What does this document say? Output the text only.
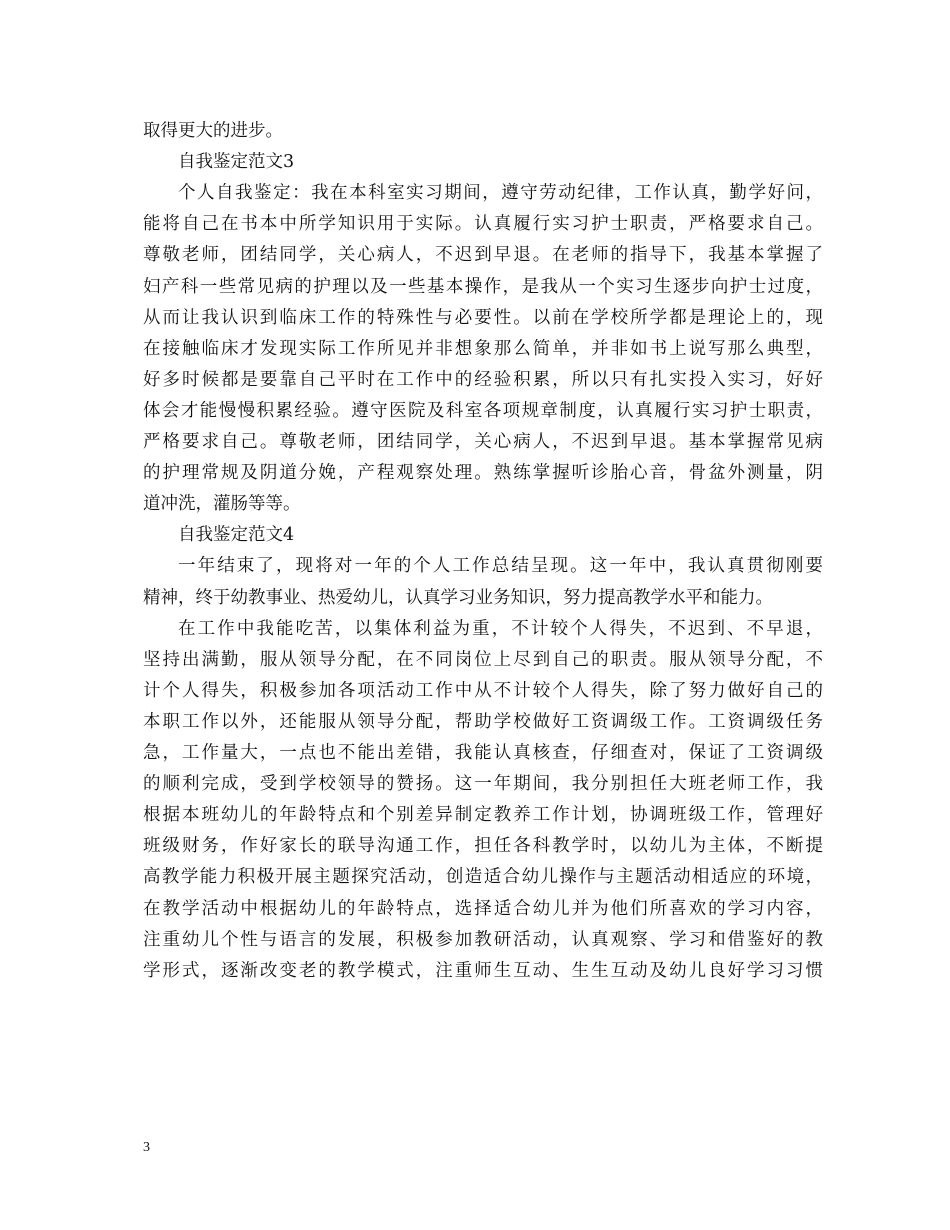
取得更大的进步。
自我鉴定范文3
个人自我鉴定：我在本科室实习期间，遵守劳动纪律，工作认真，勤学好问，
能将自己在书本中所学知识用于实际。认真履行实习护士职责，严格要求自己。
尊敬老师，团结同学，关心病人，不迟到早退。在老师的指导下，我基本掌握了
妇产科一些常见病的护理以及一些基本操作，是我从一个实习生逐步向护士过度，
从而让我认识到临床工作的特殊性与必要性。以前在学校所学都是理论上的，现
在接触临床才发现实际工作所见并非想象那么简单，并非如书上说写那么典型，
好多时候都是要靠自己平时在工作中的经验积累，所以只有扎实投入实习，好好
体会才能慢慢积累经验。遵守医院及科室各项规章制度，认真履行实习护士职责，
严格要求自己。尊敬老师，团结同学，关心病人，不迟到早退。基本掌握常见病
的护理常规及阴道分娩，产程观察处理。熟练掌握听诊胎心音，骨盆外测量，阴
道冲洗，灌肠等等。
自我鉴定范文4
一年结束了，现将对一年的个人工作总结呈现。这一年中，我认真贯彻刚要
精神，终于幼教事业、热爱幼儿，认真学习业务知识，努力提高教学水平和能力。
在工作中我能吃苦，以集体利益为重，不计较个人得失，不迟到、不早退，
坚持出满勤，服从领导分配，在不同岗位上尽到自己的职责。服从领导分配，不
计个人得失，积极参加各项活动工作中从不计较个人得失，除了努力做好自己的
本职工作以外，还能服从领导分配，帮助学校做好工资调级工作。工资调级任务
急，工作量大，一点也不能出差错，我能认真核查，仔细查对，保证了工资调级
的顺利完成，受到学校领导的赞扬。这一年期间，我分别担任大班老师工作，我
根据本班幼儿的年龄特点和个别差异制定教养工作计划，协调班级工作，管理好
班级财务，作好家长的联导沟通工作，担任各科教学时，以幼儿为主体，不断提
高教学能力积极开展主题探究活动，创造适合幼儿操作与主题活动相适应的环境，
在教学活动中根据幼儿的年龄特点，选择适合幼儿并为他们所喜欢的学习内容，
注重幼儿个性与语言的发展，积极参加教研活动，认真观察、学习和借鉴好的教
学形式，逐渐改变老的教学模式，注重师生互动、生生互动及幼儿良好学习习惯
3
